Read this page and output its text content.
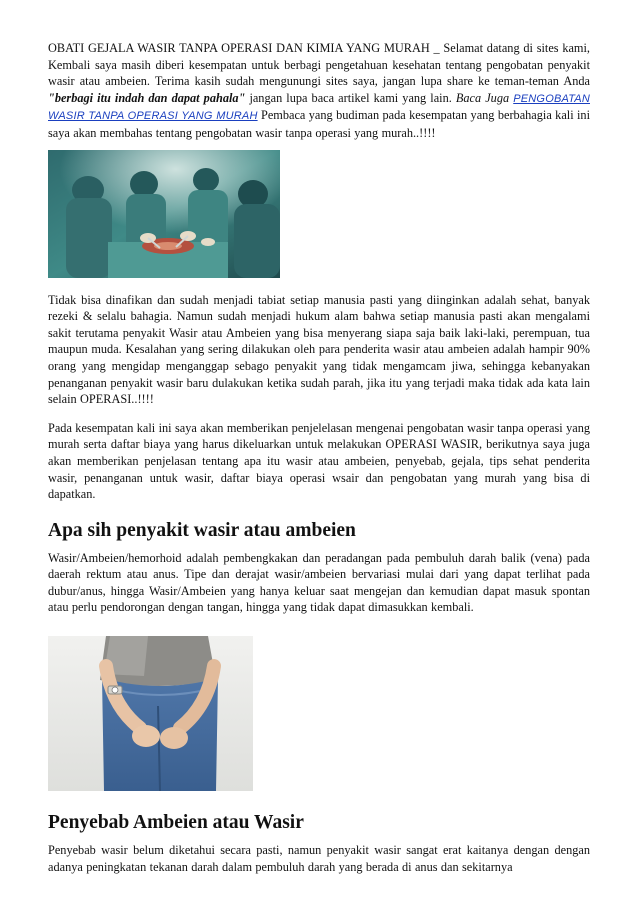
OBATI GEJALA WASIR TANPA OPERASI DAN KIMIA YANG MURAH _ Selamat datang di sites kami, Kembali saya masih diberi kesempatan untuk berbagi pengetahuan kesehatan tentang pengobatan penyakit wasir atau ambeien. Terima kasih sudah mengunungi sites saya, jangan lupa share ke teman-teman Anda "berbagi itu indah dan dapat pahala" jangan lupa baca artikel kami yang lain. Baca Juga PENGOBATAN WASIR TANPA OPERASI YANG MURAH Pembaca yang budiman pada kesempatan yang berbahagia kali ini saya akan membahas tentang pengobatan wasir tanpa operasi yang murah..!!!!

Tidak bisa dinafikan dan sudah menjadi tabiat setiap manusia pasti yang diinginkan adalah sehat, banyak rezeki & selalu bahagia. Namun sudah menjadi hukum alam bahwa setiap manusia pasti akan mengalami sakit terutama penyakit Wasir atau Ambeien yang bisa menyerang siapa saja baik laki-laki, perempuan, tua maupun muda. Kesalahan yang sering dilakukan oleh para penderita wasir atau ambeien adalah hampir 90% orang yang mengidap menganggap sebago penyakit yang tidak mengamcam jiwa, sehingga kebanyakan penanganan penyakit wasir baru dulakukan ketika sudah parah, jika itu yang terjadi maka tidak ada kata lain selain OPERASI..!!!!

Pada kesempatan kali ini saya akan memberikan penjelelasan mengenai pengobatan wasir tanpa operasi yang murah serta daftar biaya yang harus dikeluarkan untuk melakukan OPERASI WASIR, berikutnya saya juga akan memberikan penjelasan tentang apa itu wasir atau ambeien, penyebab, gejala, tips sehat penderita wasir, penanganan untuk wasir, daftar biaya operasi wsair dan pengobatan yang murah yang bisa di dapatkan.

Apa sih penyakit wasir atau ambeien

Wasir/Ambeien/hemorhoid adalah pembengkakan dan peradangan pada pembuluh darah balik (vena) pada daerah rektum atau anus. Tipe dan derajat wasir/ambeien bervariasi mulai dari yang dapat terlihat pada dubur/anus, hingga Wasir/Ambeien yang hanya keluar saat mengejan dan kemudian dapat masuk spontan atau perlu pendorongan dengan tangan, hingga yang tidak dapat dimasukkan kembali.

Penyebab Ambeien atau Wasir

Penyebab wasir belum diketahui secara pasti, namun penyakit wasir sangat erat kaitanya dengan dengan adanya peningkatan tekanan darah dalam pembuluh darah yang berada di anus dan sekitarnya
